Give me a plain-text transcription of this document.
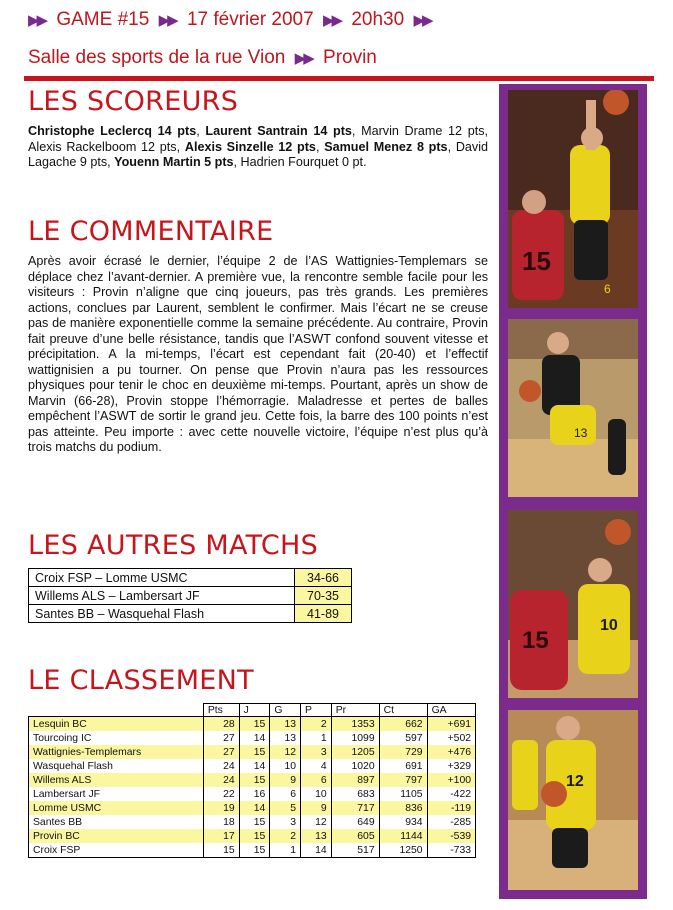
▶▶ GAME #15 ▶▶ 17 février 2007 ▶▶ 20h30 ▶▶
Salle des sports de la rue Vion ▶▶ Provin
LES SCOREURS
Christophe Leclercq 14 pts, Laurent Santrain 14 pts, Marvin Drame 12 pts, Alexis Rackelboom 12 pts, Alexis Sinzelle 12 pts, Samuel Menez 8 pts, David Lagache 9 pts, Youenn Martin 5 pts, Hadrien Fourquet 0 pt.
LE COMMENTAIRE

Après avoir écrasé le dernier, l’équipe 2 de l’AS Wattignies-Templemars se déplace chez l’avant-dernier. A première vue, la rencontre semble facile pour les visiteurs : Provin n’aligne que cinq joueurs, pas très grands. Les premières actions, conclues par Laurent, semblent le confirmer. Mais l’écart ne se creuse pas de manière exponentielle comme la semaine précédente. Au contraire, Provin fait preuve d’une belle résistance, tandis que l’ASWT confond souvent vitesse et précipitation. A la mi-temps, l’écart est cependant fait (20-40) et l’effectif wattignisien a pu tourner. On pense que Provin n’aura pas les ressources physiques pour tenir le choc en deuxième mi-temps. Pourtant, après un show de Marvin (66-28), Provin stoppe l’hémorragie. Maladresse et pertes de balles empêchent l’ASWT de sortir le grand jeu. Cette fois, la barre des 100 points n’est pas atteinte. Peu importe : avec cette nouvelle victoire, l’équipe n’est plus qu’à trois matchs du podium.

LES AUTRES MATCHS
Croix FSP – Lomme USMC	34-66
Willems ALS – Lambersart JF	70-35
Santes BB – Wasquehal Flash	41-89
LE CLASSEMENT
	Pts	J	G	P	Pr	Ct	GA
Lesquin BC	28	15	13	2	1353	662	+691
Tourcoing IC	27	14	13	1	1099	597	+502
Wattignies-Templemars	27	15	12	3	1205	729	+476
Wasquehal Flash	24	14	10	4	1020	691	+329
Willems ALS	24	15	9	6	897	797	+100
Lambersart JF	22	16	6	10	683	1105	-422
Lomme USMC	19	14	5	9	717	836	-119
Santes BB	18	15	3	12	649	934	-285
Provin BC	17	15	2	13	605	1144	-539
Croix FSP	15	15	1	14	517	1250	-733
6
15
13
15
10
12
